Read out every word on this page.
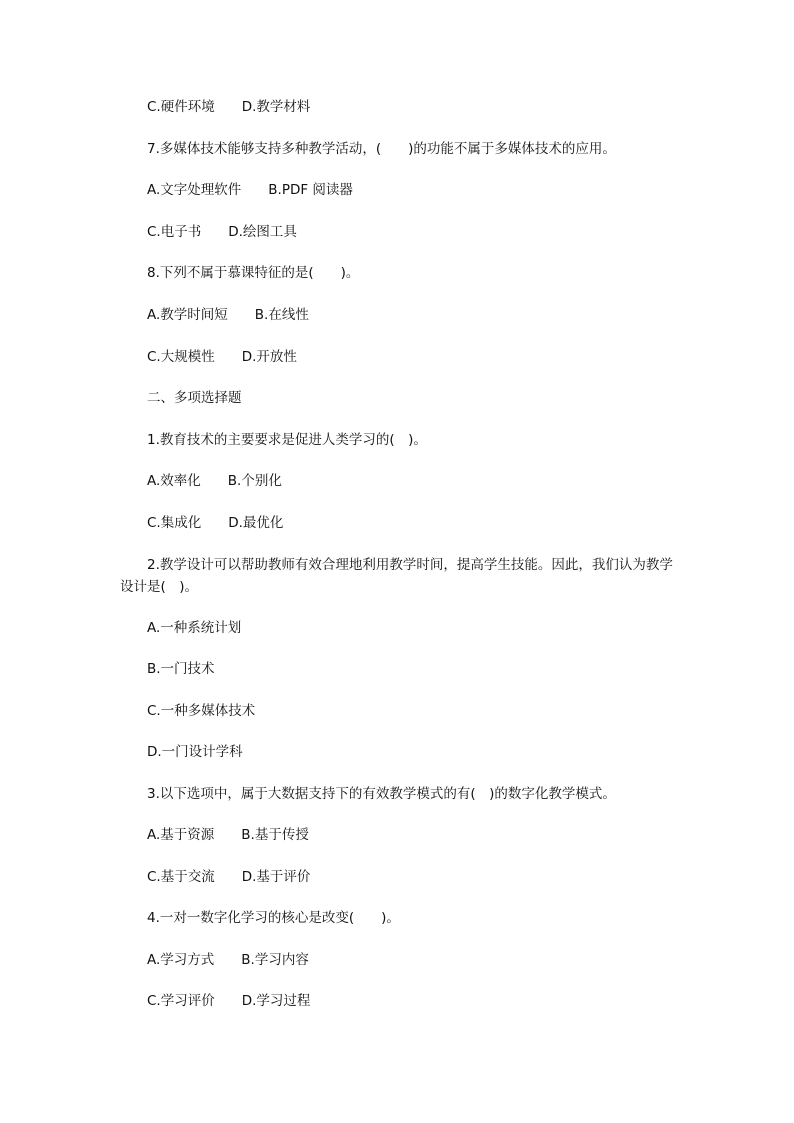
C.硬件环境　　D.教学材料
7.多媒体技术能够支持多种教学活动，(　　)的功能不属于多媒体技术的应用。
A.文字处理软件　　B.PDF 阅读器
C.电子书　　D.绘图工具
8.下列不属于慕课特征的是(　　)。
A.教学时间短　　B.在线性
C.大规模性　　D.开放性
二、多项选择题
1.教育技术的主要要求是促进人类学习的(　)。
A.效率化　　B.个别化
C.集成化　　D.最优化
2.教学设计可以帮助教师有效合理地利用教学时间，提高学生技能。因此，我们认为教学设计是(　)。
A.一种系统计划
B.一门技术
C.一种多媒体技术
D.一门设计学科
3.以下选项中，属于大数据支持下的有效教学模式的有(　)的数字化教学模式。
A.基于资源　　B.基于传授
C.基于交流　　D.基于评价
4.一对一数字化学习的核心是改变(　　)。
A.学习方式　　B.学习内容
C.学习评价　　D.学习过程
